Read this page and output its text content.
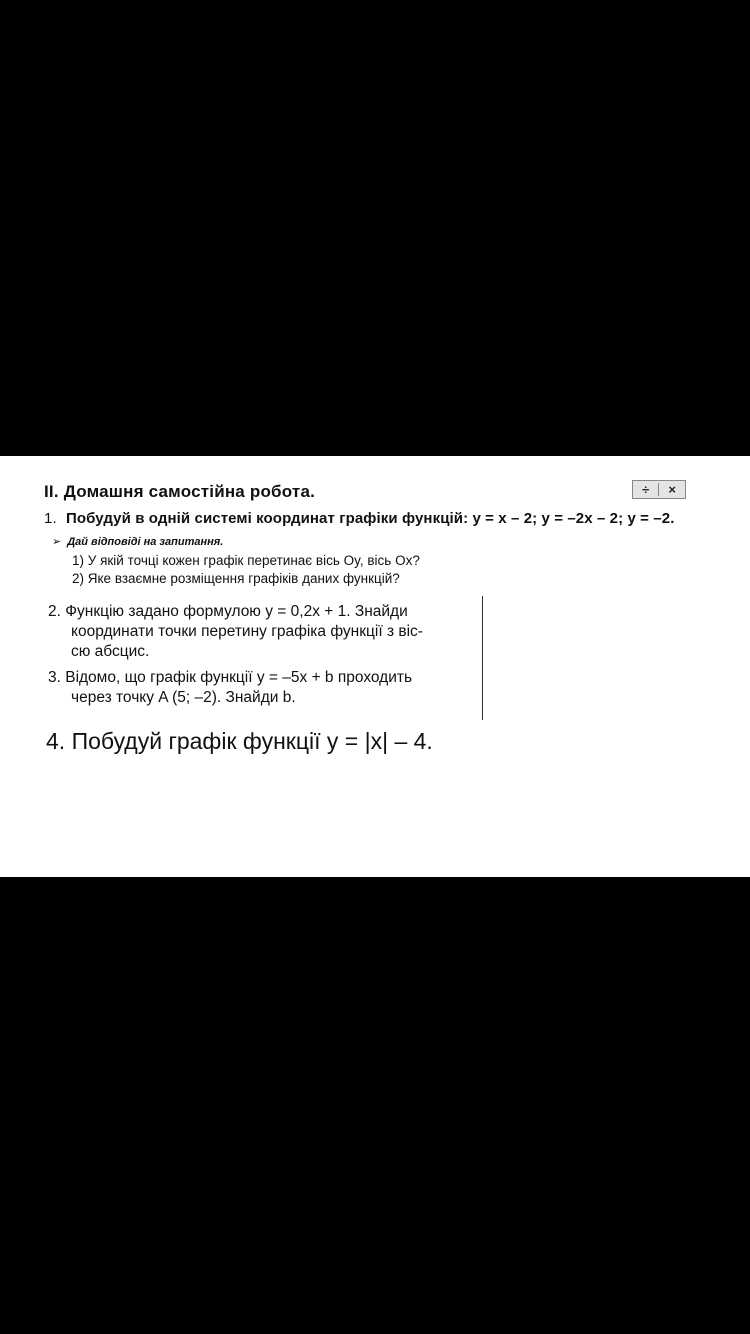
II. Домашня самостійна робота.	÷ ×
1. Побудуй в одній системі координат графіки функцій: y = x – 2; y = –2x – 2; y = –2.
➢ Дай відповіді на запитання.
1) У якій точці кожен графік перетинає вісь Oy, вісь Ox?
2) Яке взаємне розміщення графіків даних функцій?
2. Функцію задано формулою y = 0,2x + 1. Знайди
координати точки перетину графіка функції з віс-
сю абсцис.
3. Відомо, що графік функції y = –5x + b проходить
через точку A (5; –2). Знайди b.
4. Побудуй графік функції y = |x| – 4.
